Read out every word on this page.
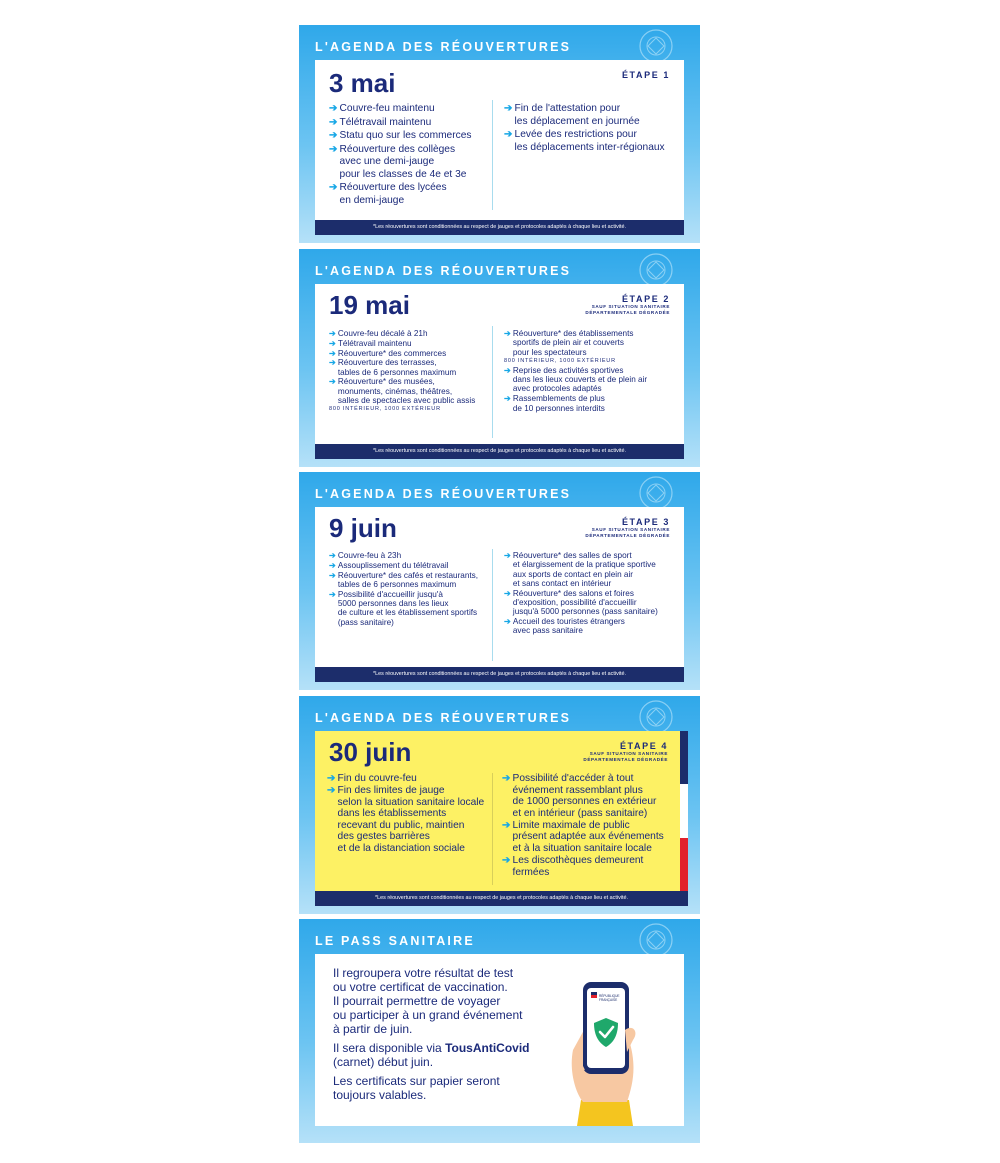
L'AGENDA DES RÉOUVERTURES
3 mai	ÉTAPE 1
➔ Couvre-feu maintenu
➔ Télétravail maintenu
➔ Statu quo sur les commerces
➔ Réouverture des collèges
avec une demi-jauge
pour les classes de 4e et 3e
➔ Réouverture des lycées
en demi-jauge
➔ Fin de l'attestation pour
les déplacement en journée
➔ Levée des restrictions pour
les déplacements inter-régionaux
*Les réouvertures sont conditionnées au respect de jauges et protocoles adaptés à chaque lieu et activité.
L'AGENDA DES RÉOUVERTURES
19 mai	ÉTAPE 2
SAUF SITUATION SANITAIRE
DÉPARTEMENTALE DÉGRADÉE
➔ Couvre-feu décalé à 21h
➔ Télétravail maintenu
➔ Réouverture* des commerces
➔ Réouverture des terrasses,
tables de 6 personnes maximum
➔ Réouverture* des musées,
monuments, cinémas, théâtres,
salles de spectacles avec public assis
800 INTÉRIEUR, 1000 EXTÉRIEUR
➔ Réouverture* des établissements
sportifs de plein air et couverts
pour les spectateurs
800 INTÉRIEUR, 1000 EXTÉRIEUR
➔ Reprise des activités sportives
dans les lieux couverts et de plein air
avec protocoles adaptés
➔ Rassemblements de plus
de 10 personnes interdits
*Les réouvertures sont conditionnées au respect de jauges et protocoles adaptés à chaque lieu et activité.
L'AGENDA DES RÉOUVERTURES
9 juin	ÉTAPE 3
SAUF SITUATION SANITAIRE
DÉPARTEMENTALE DÉGRADÉE
➔ Couvre-feu à 23h
➔ Assouplissement du télétravail
➔ Réouverture* des cafés et restaurants,
tables de 6 personnes maximum
➔ Possibilité d'accueillir jusqu'à
5000 personnes dans les lieux
de culture et les établissement sportifs
(pass sanitaire)
➔ Réouverture* des salles de sport
et élargissement de la pratique sportive
aux sports de contact en plein air
et sans contact en intérieur
➔ Réouverture* des salons et foires
d'exposition, possibilité d'accueillir
jusqu'à 5000 personnes (pass sanitaire)
➔ Accueil des touristes étrangers
avec pass sanitaire
*Les réouvertures sont conditionnées au respect de jauges et protocoles adaptés à chaque lieu et activité.
L'AGENDA DES RÉOUVERTURES
30 juin	ÉTAPE 4
SAUF SITUATION SANITAIRE
DÉPARTEMENTALE DÉGRADÉE
➔ Fin du couvre-feu
➔ Fin des limites de jauge
selon la situation sanitaire locale
dans les établissements
recevant du public, maintien
des gestes barrières
et de la distanciation sociale
➔ Possibilité d'accéder à tout
événement rassemblant plus
de 1000 personnes en extérieur
et en intérieur (pass sanitaire)
➔ Limite maximale de public
présent adaptée aux événements
et à la situation sanitaire locale
➔ Les discothèques demeurent
fermées
*Les réouvertures sont conditionnées au respect de jauges et protocoles adaptés à chaque lieu et activité.
LE PASS SANITAIRE

Il regroupera votre résultat de test
ou votre certificat de vaccination.
Il pourrait permettre de voyager
ou participer à un grand événement
à partir de juin.

Il sera disponible via TousAntiCovid
(carnet) début juin.

Les certificats sur papier seront
toujours valables.

RÉPUBLIQUE
FRANÇAISE
